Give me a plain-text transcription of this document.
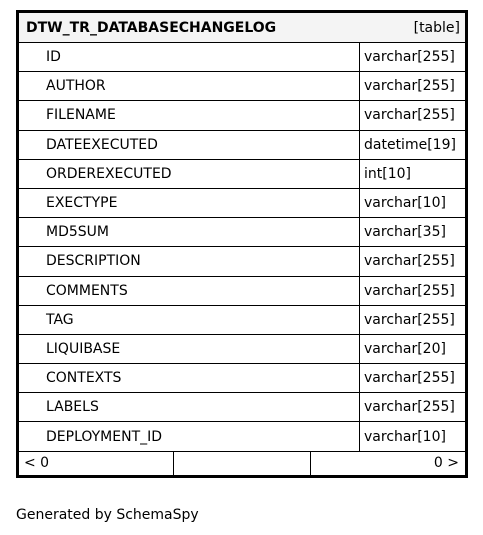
DTW_TR_DATABASECHANGELOG	[table]
ID	varchar[255]
AUTHOR	varchar[255]
FILENAME	varchar[255]
DATEEXECUTED	datetime[19]
ORDEREXECUTED	int[10]
EXECTYPE	varchar[10]
MD5SUM	varchar[35]
DESCRIPTION	varchar[255]
COMMENTS	varchar[255]
TAG	varchar[255]
LIQUIBASE	varchar[20]
CONTEXTS	varchar[255]
LABELS	varchar[255]
DEPLOYMENT_ID	varchar[10]
< 0	0 >
Generated by SchemaSpy
